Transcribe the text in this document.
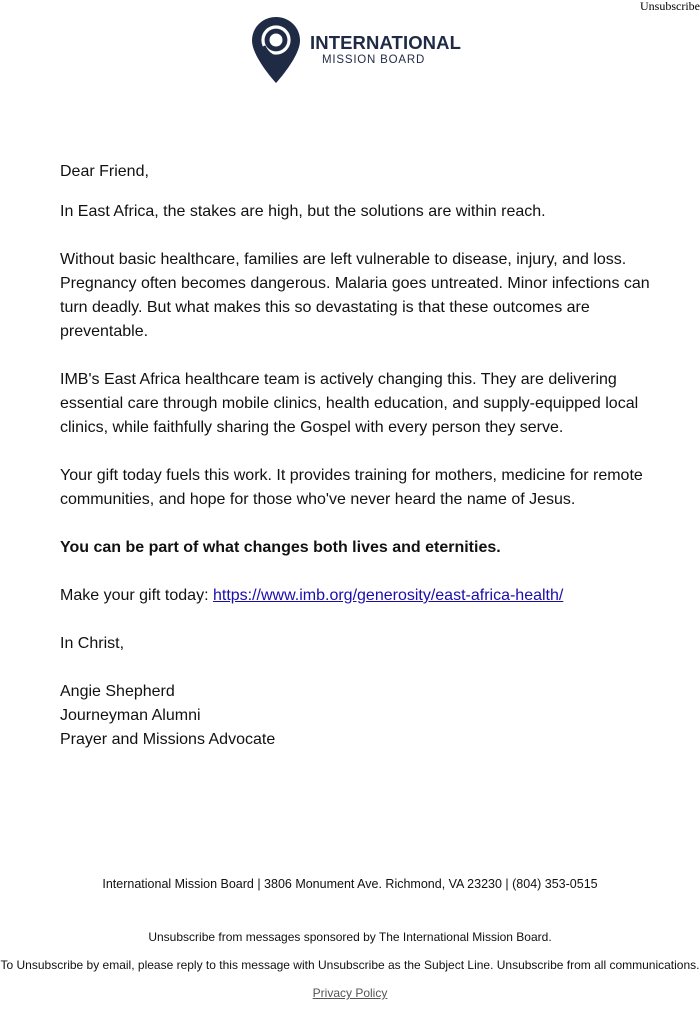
Unsubscribe
INTERNATIONAL
MISSION BOARD

Dear Friend,

In East Africa, the stakes are high, but the solutions are within reach.

Without basic healthcare, families are left vulnerable to disease, injury, and loss. Pregnancy often becomes dangerous. Malaria goes untreated. Minor infections can turn deadly. But what makes this so devastating is that these outcomes are preventable.

IMB's East Africa healthcare team is actively changing this. They are delivering essential care through mobile clinics, health education, and supply-equipped local clinics, while faithfully sharing the Gospel with every person they serve.

Your gift today fuels this work. It provides training for mothers, medicine for remote communities, and hope for those who've never heard the name of Jesus.

You can be part of what changes both lives and eternities.

Make your gift today: https://www.imb.org/generosity/east-africa-health/

In Christ,

Angie Shepherd

Journeyman Alumni

Prayer and Missions Advocate

International Mission Board | 3806 Monument Ave. Richmond, VA 23230 | (804) 353-0515
Unsubscribe from messages sponsored by The International Mission Board.
To Unsubscribe by email, please reply to this message with Unsubscribe as the Subject Line. Unsubscribe from all communications.
Privacy Policy
